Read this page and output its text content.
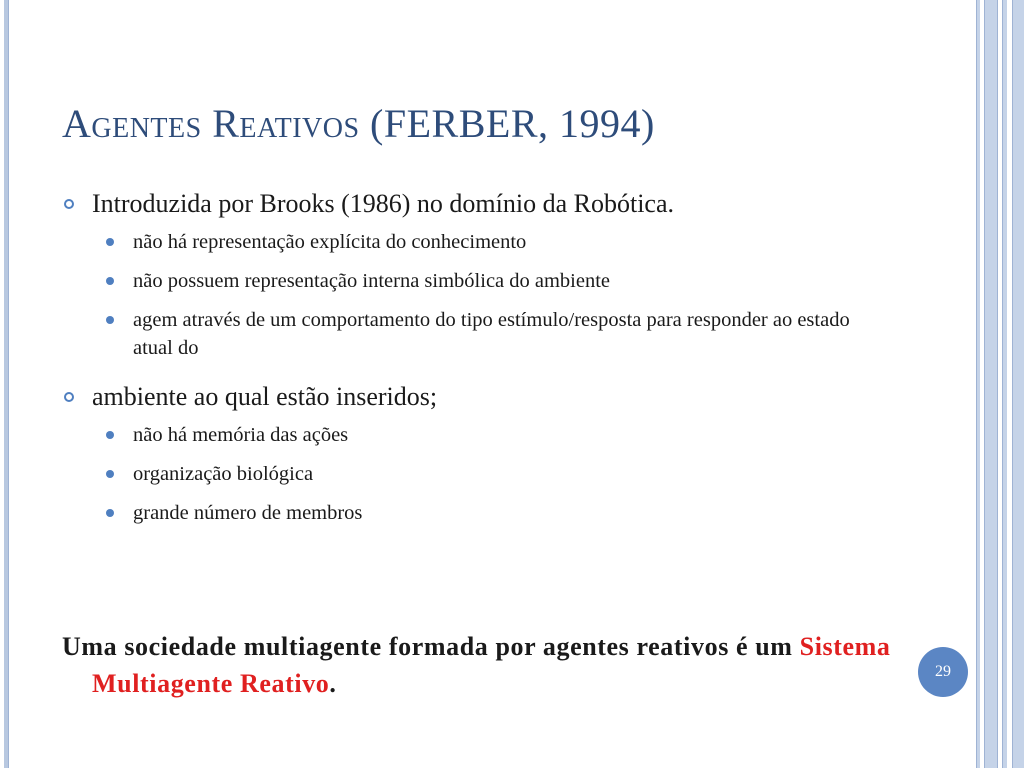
Agentes Reativos (FERBER, 1994)
Introduzida por Brooks (1986) no domínio da Robótica.
não há representação explícita do conhecimento
não possuem representação interna simbólica do ambiente
agem através de um comportamento do tipo estímulo/resposta para responder ao estado atual do
ambiente ao qual estão inseridos;
não há memória das ações
organização biológica
grande número de membros
Uma sociedade multiagente formada por agentes reativos é um Sistema Multiagente Reativo.	29
